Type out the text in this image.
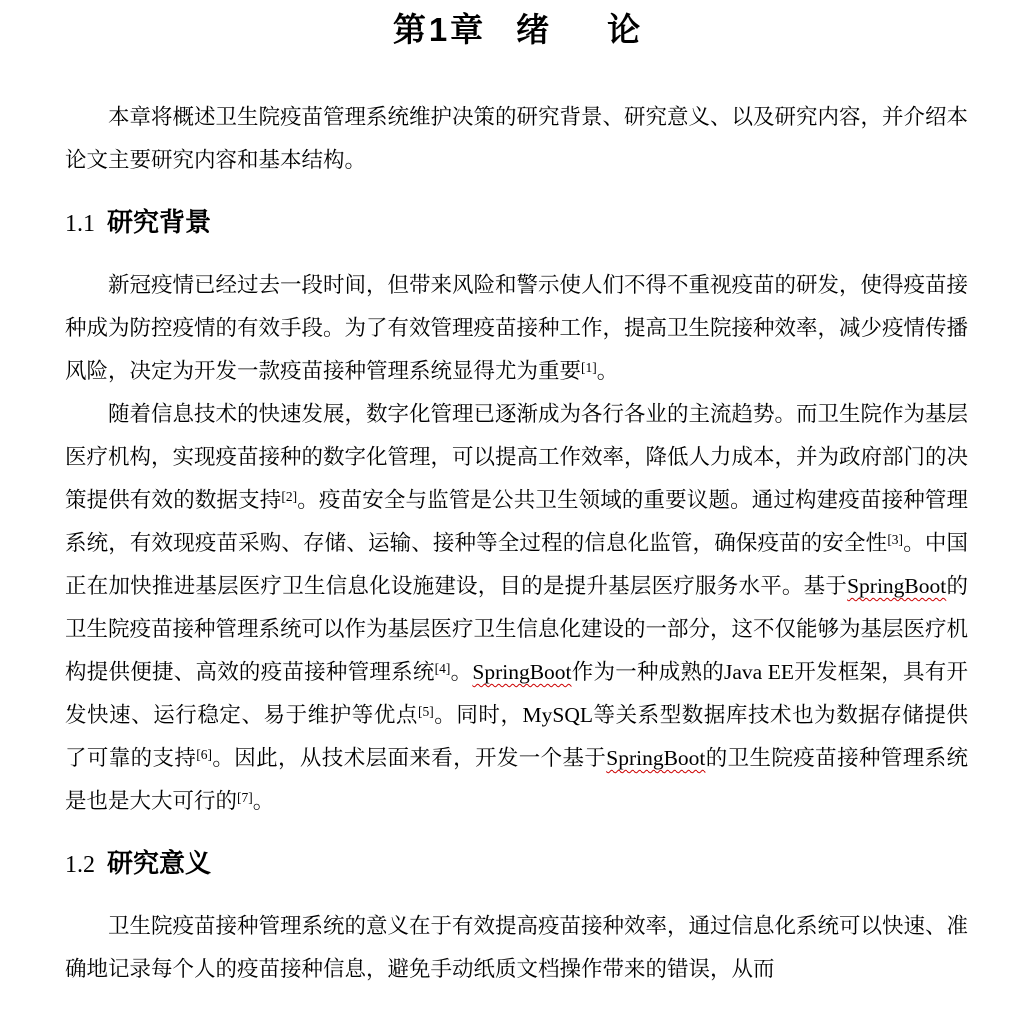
第1章 绪 论

本章将概述卫生院疫苗管理系统维护决策的研究背景、研究意义、以及研究内容，并介绍本论文主要研究内容和基本结构。

1.1 研究背景

新冠疫情已经过去一段时间，但带来风险和警示使人们不得不重视疫苗的研发，使得疫苗接种成为防控疫情的有效手段。为了有效管理疫苗接种工作，提高卫生院接种效率，减少疫情传播风险，决定为开发一款疫苗接种管理系统显得尤为重要[1]。

随着信息技术的快速发展，数字化管理已逐渐成为各行各业的主流趋势。而卫生院作为基层医疗机构，实现疫苗接种的数字化管理，可以提高工作效率，降低人力成本，并为政府部门的决策提供有效的数据支持[2]。疫苗安全与监管是公共卫生领域的重要议题。通过构建疫苗接种管理系统，有效现疫苗采购、存储、运输、接种等全过程的信息化监管，确保疫苗的安全性[3]。中国正在加快推进基层医疗卫生信息化设施建设，目的是提升基层医疗服务水平。基于SpringBoot的卫生院疫苗接种管理系统可以作为基层医疗卫生信息化建设的一部分，这不仅能够为基层医疗机构提供便捷、高效的疫苗接种管理系统[4]。SpringBoot作为一种成熟的Java EE开发框架，具有开发快速、运行稳定、易于维护等优点[5]。同时，MySQL等关系型数据库技术也为数据存储提供了可靠的支持[6]。因此，从技术层面来看，开发一个基于SpringBoot的卫生院疫苗接种管理系统是也是大大可行的[7]。

1.2 研究意义

卫生院疫苗接种管理系统的意义在于有效提高疫苗接种效率，通过信息化系统可以快速、准确地记录每个人的疫苗接种信息，避免手动纸质文档操作带来的错误，从而
